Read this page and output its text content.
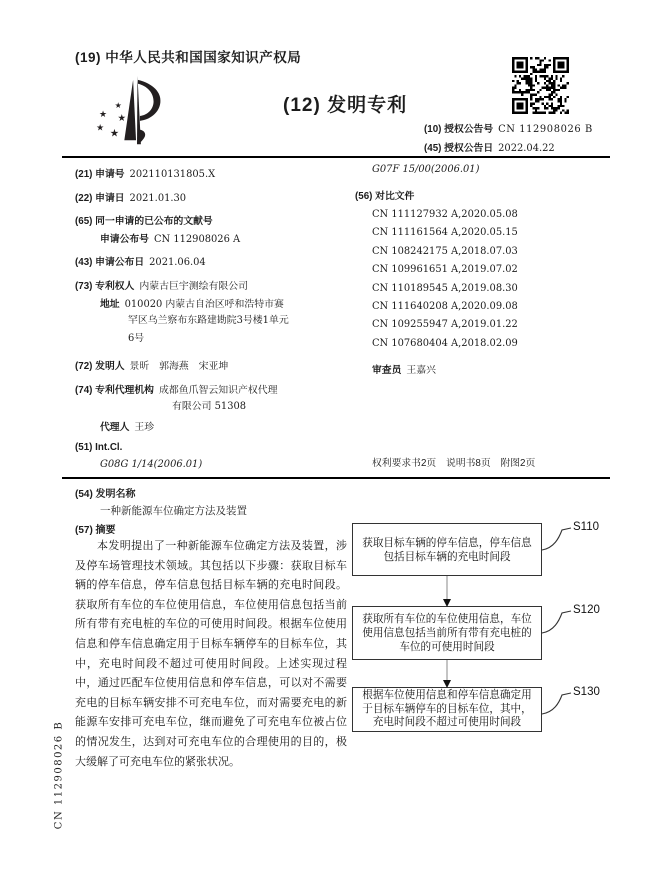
(19) 中华人民共和国国家知识产权局
★
★ ★
★ ★
(12) 发明专利
(10) 授权公告号 CN 112908026 B
(45) 授权公告日 2022.04.22
(21) 申请号 202110131805.X
(22) 申请日 2021.01.30
(65) 同一申请的已公布的文献号
申请公布号 CN 112908026 A
(43) 申请公布日 2021.06.04
(73) 专利权人 内蒙古巨宇测绘有限公司
地址 010020 内蒙古自治区呼和浩特市赛
罕区乌兰察布东路建勘院3号楼1单元
6号
(72) 发明人 景昕　郭海燕　宋亚坤
(74) 专利代理机构 成都鱼爪智云知识产权代理
有限公司 51308
代理人 王珍
(51) Int.Cl.
G08G 1/14(2006.01)
G07F 15/00(2006.01)
(56) 对比文件
CN 111127932 A,2020.05.08
CN 111161564 A,2020.05.15
CN 108242175 A,2018.07.03
CN 109961651 A,2019.07.02
CN 110189545 A,2019.08.30
CN 111640208 A,2020.09.08
CN 109255947 A,2019.01.22
CN 107680404 A,2018.02.09
审查员 王嘉兴
权利要求书2页　说明书8页　附图2页
(54) 发明名称
一种新能源车位确定方法及装置
(57) 摘要
本发明提出了一种新能源车位确定方法及装置，涉及停车场管理技术领域。其包括以下步骤：获取目标车辆的停车信息，停车信息包括目标车辆的充电时间段。获取所有车位的车位使用信息，车位使用信息包括当前所有带有充电桩的车位的可使用时间段。根据车位使用信息和停车信息确定用于目标车辆停车的目标车位，其中，充电时间段不超过可使用时间段。上述实现过程中，通过匹配车位使用信息和停车信息，可以对不需要充电的目标车辆安排不可充电车位，而对需要充电的新能源车安排可充电车位，继而避免了可充电车位被占位的情况发生，达到对可充电车位的合理使用的目的，极大缓解了可充电车位的紧张状况。
获取目标车辆的停车信息，停车信息包括目标车辆的充电时间段
获取所有车位的车位使用信息，车位使用信息包括当前所有带有充电桩的车位的可使用时间段
根据车位使用信息和停车信息确定用于目标车辆停车的目标车位，其中，充电时间段不超过可使用时间段
S110
S120
S130
CN 112908026 B
